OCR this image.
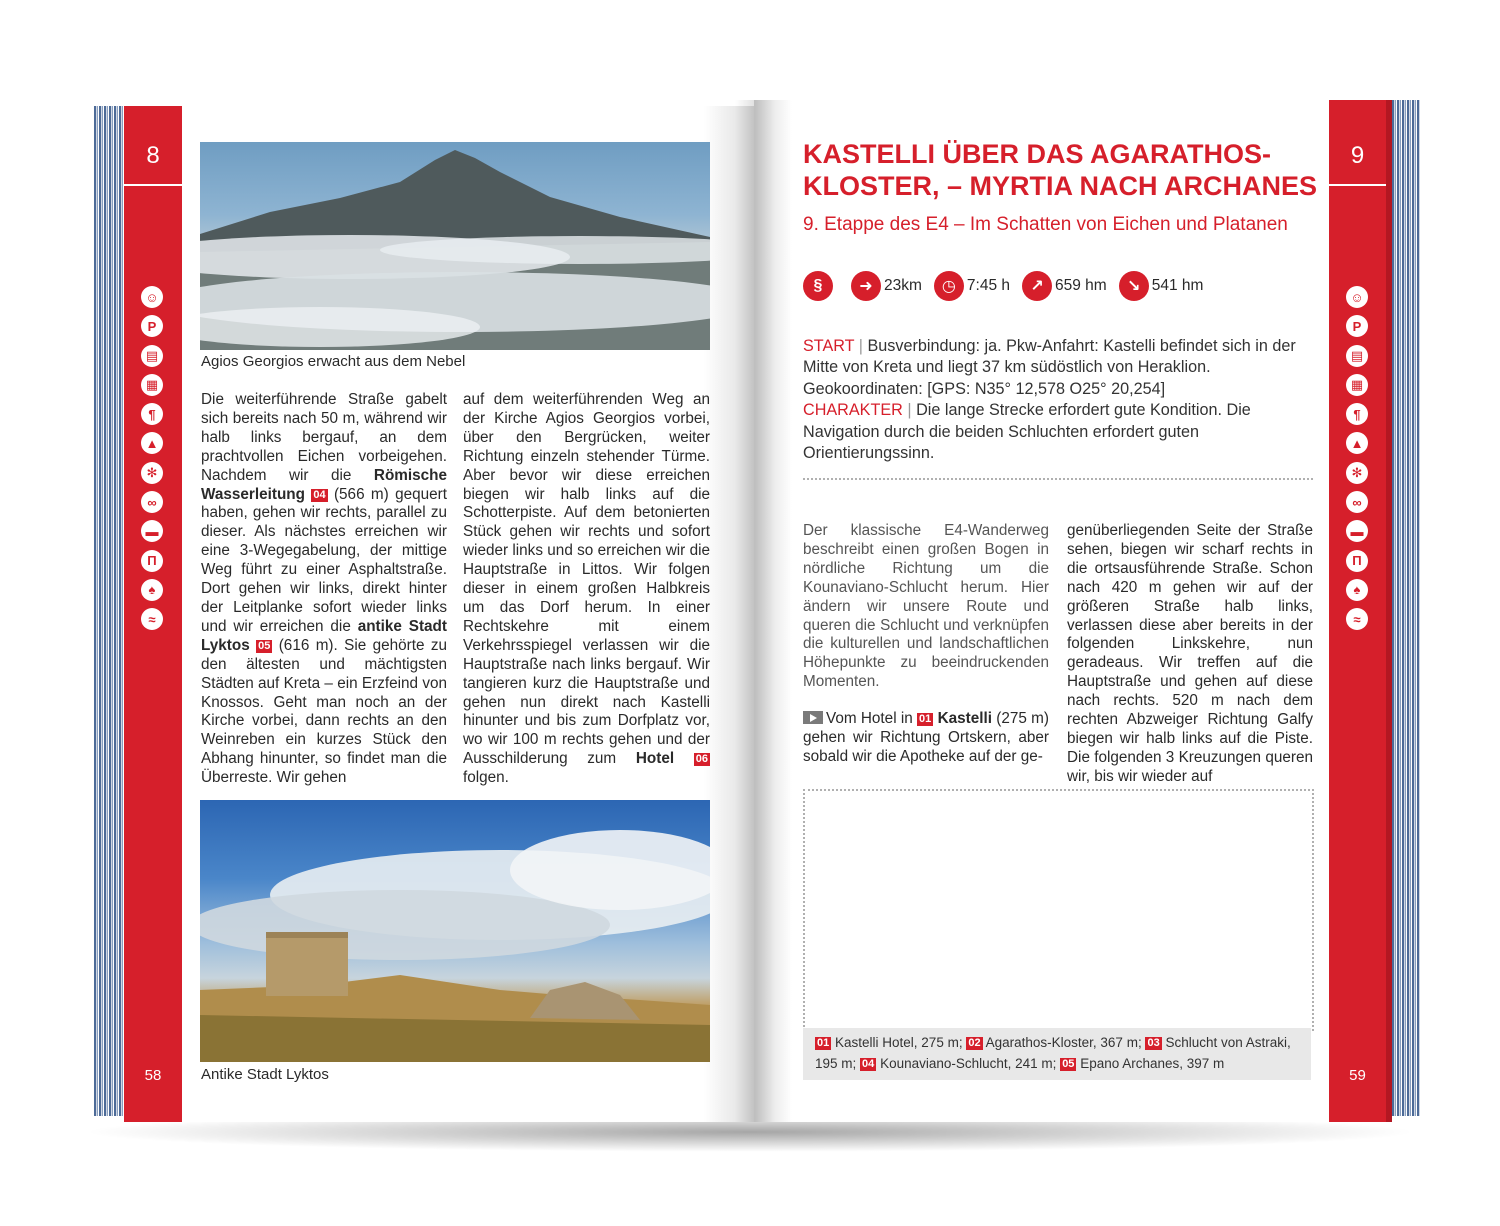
8
☺
P
▤
▦
¶
▲
✻
∞
▬
Π
♠
≈
58
Agios Georgios erwacht aus dem Nebel
Die weiterführende Straße gabelt sich bereits nach 50 m, während wir halb links bergauf, an dem prachtvollen Eichen vorbeigehen. Nachdem wir die Römische Wasserleitung 04 (566 m) gequert haben, gehen wir rechts, parallel zu dieser. Als nächstes erreichen wir eine 3-Wegegabelung, der mittige Weg führt zu einer Asphaltstraße. Dort gehen wir links, direkt hinter der Leitplanke sofort wieder links und wir erreichen die antike Stadt Lyktos 05 (616 m). Sie gehörte zu den ältesten und mächtigsten Städten auf Kreta – ein Erzfeind von Knossos. Geht man noch an der Kirche vorbei, dann rechts an den Weinreben ein kurzes Stück den Abhang hinunter, so findet man die Überreste. Wir gehen
auf dem weiterführenden Weg an der Kirche Agios Georgios vorbei, über den Bergrücken, weiter Richtung einzeln stehender Türme. Aber bevor wir diese erreichen biegen wir halb links auf die Schotterpiste. Auf dem betonierten Stück gehen wir rechts und sofort wieder links und so erreichen wir die Hauptstraße in Littos. Wir folgen dieser in einem großen Halbkreis um das Dorf herum. In einer Rechtskehre mit einem Verkehrsspiegel verlassen wir die Hauptstraße nach links bergauf. Wir tangieren kurz die Hauptstraße und gehen nun direkt nach Kastelli hinunter und bis zum Dorfplatz vor, wo wir 100 m rechts gehen und der Ausschilderung zum Hotel 06 folgen.
Antike Stadt Lyktos
9
☺
P
▤
▦
¶
▲
✻
∞
▬
Π
♠
≈
59
KASTELLI ÜBER DAS AGARATHOS-
KLOSTER, – MYRTIA NACH ARCHANES
9. Etappe des E4 – Im Schatten von Eichen und Platanen
§	➜ 23km	◷ 7:45 h	↗ 659 hm	↘ 541 hm
START | Busverbindung: ja. Pkw-Anfahrt: Kastelli befindet sich in der Mitte von Kreta und liegt 37 km südöstlich von Heraklion. Geokoordinaten: [GPS: N35° 12,578 O25° 20,254]
CHARAKTER | Die lange Strecke erfordert gute Kondition. Die Navigation durch die beiden Schluchten erfordert guten Orientierungssinn.
Der klassische E4-Wanderweg beschreibt einen großen Bogen in nördliche Richtung um die Kounaviano-Schlucht herum. Hier ändern wir unsere Route und queren die Schlucht und verknüpfen die kulturellen und landschaftlichen Höhepunkte zu beeindruckenden Momenten.
Vom Hotel in 01 Kastelli (275 m) gehen wir Richtung Ortskern, aber sobald wir die Apotheke auf der ge-
genüberliegenden Seite der Straße sehen, biegen wir scharf rechts in die ortsausführende Straße. Schon nach 420 m gehen wir auf der größeren Straße halb links, verlassen diese aber bereits in der folgenden Linkskehre, nun geradeaus. Wir treffen auf die Hauptstraße und gehen auf diese nach rechts. 520 m nach dem rechten Abzweiger Richtung Galfy biegen wir halb links auf die Piste. Die folgenden 3 Kreuzungen queren wir, bis wir wieder auf
01 Kastelli Hotel, 275 m; 02 Agarathos-Kloster, 367 m; 03 Schlucht von Astraki, 195 m; 04 Kounaviano-Schlucht, 241 m; 05 Epano Archanes, 397 m
